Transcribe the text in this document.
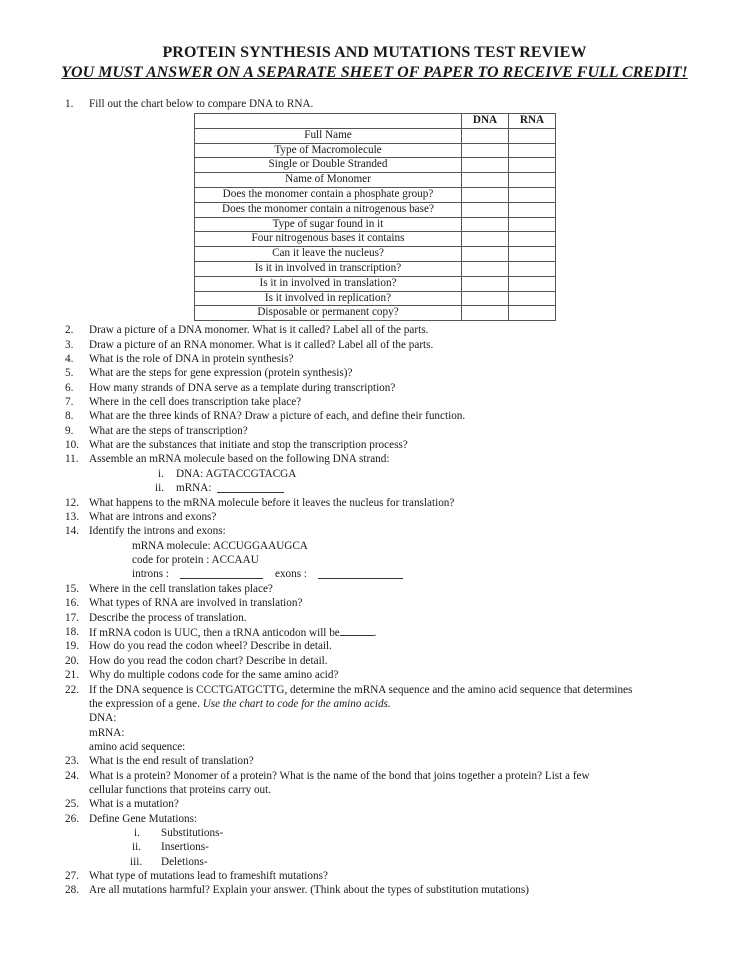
PROTEIN SYNTHESIS AND MUTATIONS TEST REVIEW
YOU MUST ANSWER ON A SEPARATE SHEET OF PAPER TO RECEIVE FULL CREDIT!
1. Fill out the chart below to compare DNA to RNA.
	DNA	RNA
Full Name		
Type of Macromolecule		
Single or Double Stranded		
Name of Monomer		
Does the monomer contain a phosphate group?		
Does the monomer contain a nitrogenous base?		
Type of sugar found in it		
Four nitrogenous bases it contains		
Can it leave the nucleus?		
Is it in involved in transcription?		
Is it in involved in translation?		
Is it involved in replication?		
Disposable or permanent copy?		
2. Draw a picture of a DNA monomer. What is it called? Label all of the parts.
3. Draw a picture of an RNA monomer. What is it called? Label all of the parts.
4. What is the role of DNA in protein synthesis?
5. What are the steps for gene expression (protein synthesis)?
6. How many strands of DNA serve as a template during transcription?
7. Where in the cell does transcription take place?
8. What are the three kinds of RNA? Draw a picture of each, and define their function.
9. What are the steps of transcription?
10. What are the substances that initiate and stop the transcription process?
11. Assemble an mRNA molecule based on the following DNA strand:
i. DNA: AGTACCGTACGA
ii. mRNA:
12. What happens to the mRNA molecule before it leaves the nucleus for translation?
13. What are introns and exons?
14. Identify the introns and exons:
mRNA molecule: ACCUGGAAUGCA
code for protein : ACCAAU
introns :	exons :
15. Where in the cell translation takes place?
16. What types of RNA are involved in translation?
17. Describe the process of translation.
18. If mRNA codon is UUC, then a tRNA anticodon will be	.
19. How do you read the codon wheel? Describe in detail.
20. How do you read the codon chart? Describe in detail.
21. Why do multiple codons code for the same amino acid?
22. If the DNA sequence is CCCTGATGCTTG, determine the mRNA sequence and the amino acid sequence that determines
the expression of a gene. Use the chart to code for the amino acids.
DNA:
mRNA:
amino acid sequence:
23. What is the end result of translation?
24. What is a protein? Monomer of a protein? What is the name of the bond that joins together a protein? List a few
cellular functions that proteins carry out.
25. What is a mutation?
26. Define Gene Mutations:
i. Substitutions-
ii. Insertions-
iii. Deletions-
27. What type of mutations lead to frameshift mutations?
28. Are all mutations harmful? Explain your answer. (Think about the types of substitution mutations)
